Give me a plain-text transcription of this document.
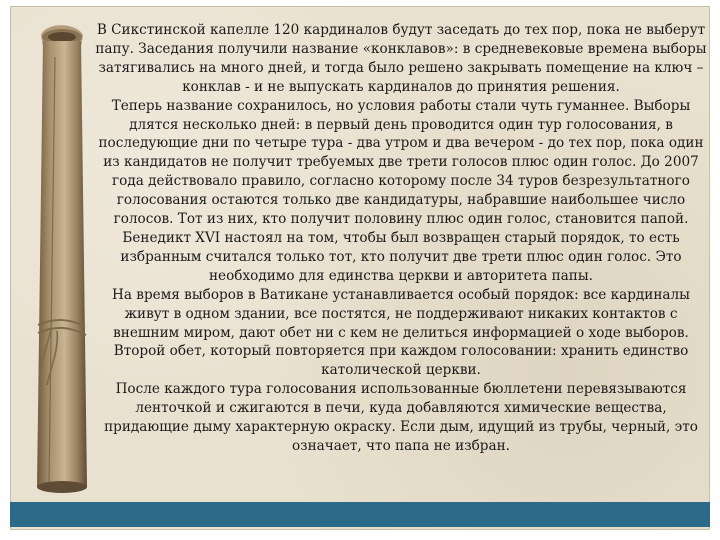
В Сикстинской капелле 120 кардиналов будут заседать до тех пор, пока не выберут папу. Заседания получили название «конклавов»: в средневековые времена выборы затягивались на много дней, и тогда было решено закрывать помещение на ключ – конклав - и не выпускать кардиналов до принятия решения.

Теперь название сохранилось, но условия работы стали чуть гуманнее. Выборы длятся несколько дней: в первый день проводится один тур голосования, в последующие дни по четыре тура - два утром и два вечером - до тех пор, пока один из кандидатов не получит требуемых две трети голосов плюс один голос. До 2007 года действовало правило, согласно которому после 34 туров безрезультатного голосования остаются только две кандидатуры, набравшие наибольшее число голосов. Тот из них, кто получит половину плюс один голос, становится папой. Бенедикт XVI настоял на том, чтобы был возвращен старый порядок, то есть избранным считался только тот, кто получит две трети плюс один голос. Это необходимо для единства церкви и авторитета папы.

На время выборов в Ватикане устанавливается особый порядок: все кардиналы живут в одном здании, все постятся, не поддерживают никаких контактов с внешним миром, дают обет ни с кем не делиться информацией о ходе выборов. Второй обет, который повторяется при каждом голосовании: хранить единство католической церкви.

После каждого тура голосования использованные бюллетени перевязываются ленточкой и сжигаются в печи, куда добавляются химические вещества, придающие дыму характерную окраску. Если дым, идущий из трубы, черный, это означает, что папа не избран.
